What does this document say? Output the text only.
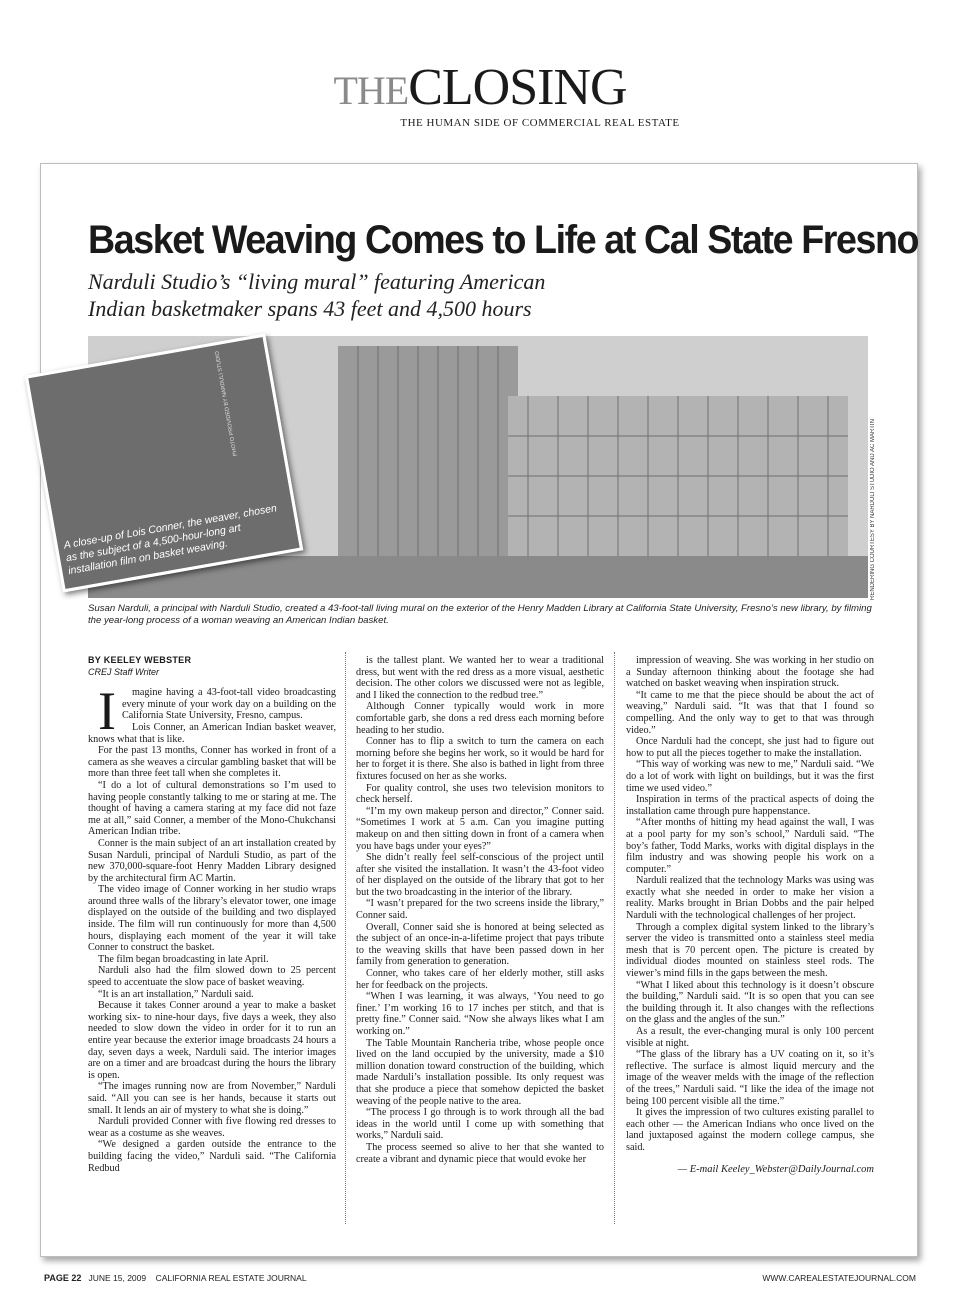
THECLOSING
THE HUMAN SIDE OF COMMERCIAL REAL ESTATE
Basket Weaving Comes to Life at Cal State Fresno
Narduli Studio’s “living mural” featuring American Indian basketmaker spans 43 feet and 4,500 hours
PHOTO PROVIDED BY NARDULI STUDIO
A close-up of Lois Conner, the weaver, chosen as the subject of a 4,500-hour-long art installation film on basket weaving.	RENDERING COURTESY BY NARDULI STUDIO AND AC MARTIN
Susan Narduli, a principal with Narduli Studio, created a 43-foot-tall living mural on the exterior of the Henry Madden Library at California State University, Fresno’s new library, by filming the year-long process of a woman weaving an American Indian basket.
BY KEELEY WEBSTER
CREJ Staff Writer

I magine having a 43-foot-tall video broadcasting every minute of your work day on a building on the California State University, Fresno, campus.

Lois Conner, an American Indian basket weaver, knows what that is like.

For the past 13 months, Conner has worked in front of a camera as she weaves a circular gambling basket that will be more than three feet tall when she completes it.

“I do a lot of cultural demonstrations so I’m used to having people constantly talking to me or staring at me. The thought of having a camera staring at my face did not faze me at all,” said Conner, a member of the Mono-Chukchansi American Indian tribe.

Conner is the main subject of an art installation created by Susan Narduli, principal of Narduli Studio, as part of the new 370,000-square-foot Henry Madden Library designed by the architectural firm AC Martin.

The video image of Conner working in her studio wraps around three walls of the library’s elevator tower, one image displayed on the outside of the building and two displayed inside. The film will run continuously for more than 4,500 hours, displaying each moment of the year it will take Conner to construct the basket.

The film began broadcasting in late April.

Narduli also had the film slowed down to 25 percent speed to accentuate the slow pace of basket weaving.

“It is an art installation,” Narduli said.

Because it takes Conner around a year to make a basket working six- to nine-hour days, five days a week, they also needed to slow down the video in order for it to run an entire year because the exterior image broadcasts 24 hours a day, seven days a week, Narduli said. The interior images are on a timer and are broadcast during the hours the library is open.

“The images running now are from November,” Narduli said. “All you can see is her hands, because it starts out small. It lends an air of mystery to what she is doing.”

Narduli provided Conner with five flowing red dresses to wear as a costume as she weaves.

“We designed a garden outside the entrance to the building facing the video,” Narduli said. “The California Redbud

is the tallest plant. We wanted her to wear a traditional dress, but went with the red dress as a more visual, aesthetic decision. The other colors we discussed were not as legible, and I liked the connection to the redbud tree.”

Although Conner typically would work in more comfortable garb, she dons a red dress each morning before heading to her studio.

Conner has to flip a switch to turn the camera on each morning before she begins her work, so it would be hard for her to forget it is there. She also is bathed in light from three fixtures focused on her as she works.

For quality control, she uses two television monitors to check herself.

“I’m my own makeup person and director,” Conner said. “Sometimes I work at 5 a.m. Can you imagine putting makeup on and then sitting down in front of a camera when you have bags under your eyes?”

She didn’t really feel self-conscious of the project until after she visited the installation. It wasn’t the 43-foot video of her displayed on the outside of the library that got to her but the two broadcasting in the interior of the library.

“I wasn’t prepared for the two screens inside the library,” Conner said.

Overall, Conner said she is honored at being selected as the subject of an once-in-a-lifetime project that pays tribute to the weaving skills that have been passed down in her family from generation to generation.

Conner, who takes care of her elderly mother, still asks her for feedback on the projects.

“When I was learning, it was always, ‘You need to go finer.’ I’m working 16 to 17 inches per stitch, and that is pretty fine.” Conner said. “Now she always likes what I am working on.”

The Table Mountain Rancheria tribe, whose people once lived on the land occupied by the university, made a $10 million donation toward construction of the building, which made Narduli’s installation possible. Its only request was that she produce a piece that somehow depicted the basket weaving of the people native to the area.

“The process I go through is to work through all the bad ideas in the world until I come up with something that works,” Narduli said.

The process seemed so alive to her that she wanted to create a vibrant and dynamic piece that would evoke her

impression of weaving. She was working in her studio on a Sunday afternoon thinking about the footage she had watched on basket weaving when inspiration struck.

“It came to me that the piece should be about the act of weaving,” Narduli said. “It was that that I found so compelling. And the only way to get to that was through video.”

Once Narduli had the concept, she just had to figure out how to put all the pieces together to make the installation.

“This way of working was new to me,” Narduli said. “We do a lot of work with light on buildings, but it was the first time we used video.”

Inspiration in terms of the practical aspects of doing the installation came through pure happenstance.

“After months of hitting my head against the wall, I was at a pool party for my son’s school,” Narduli said. “The boy’s father, Todd Marks, works with digital displays in the film industry and was showing people his work on a computer.”

Narduli realized that the technology Marks was using was exactly what she needed in order to make her vision a reality. Marks brought in Brian Dobbs and the pair helped Narduli with the technological challenges of her project.

Through a complex digital system linked to the library’s server the video is transmitted onto a stainless steel media mesh that is 70 percent open. The picture is created by individual diodes mounted on stainless steel rods. The viewer’s mind fills in the gaps between the mesh.

“What I liked about this technology is it doesn’t obscure the building,” Narduli said. “It is so open that you can see the building through it. It also changes with the reflections on the glass and the angles of the sun.”

As a result, the ever-changing mural is only 100 percent visible at night.

“The glass of the library has a UV coating on it, so it’s reflective. The surface is almost liquid mercury and the image of the weaver melds with the image of the reflection of the trees,” Narduli said. “I like the idea of the image not being 100 percent visible all the time.”

It gives the impression of two cultures existing parallel to each other — the American Indians who once lived on the land juxtaposed against the modern college campus, she said.

— E-mail Keeley_Webster@DailyJournal.com
PAGE 22 JUNE 15, 2009 CALIFORNIA REAL ESTATE JOURNAL	WWW.CAREALESTATEJOURNAL.COM
